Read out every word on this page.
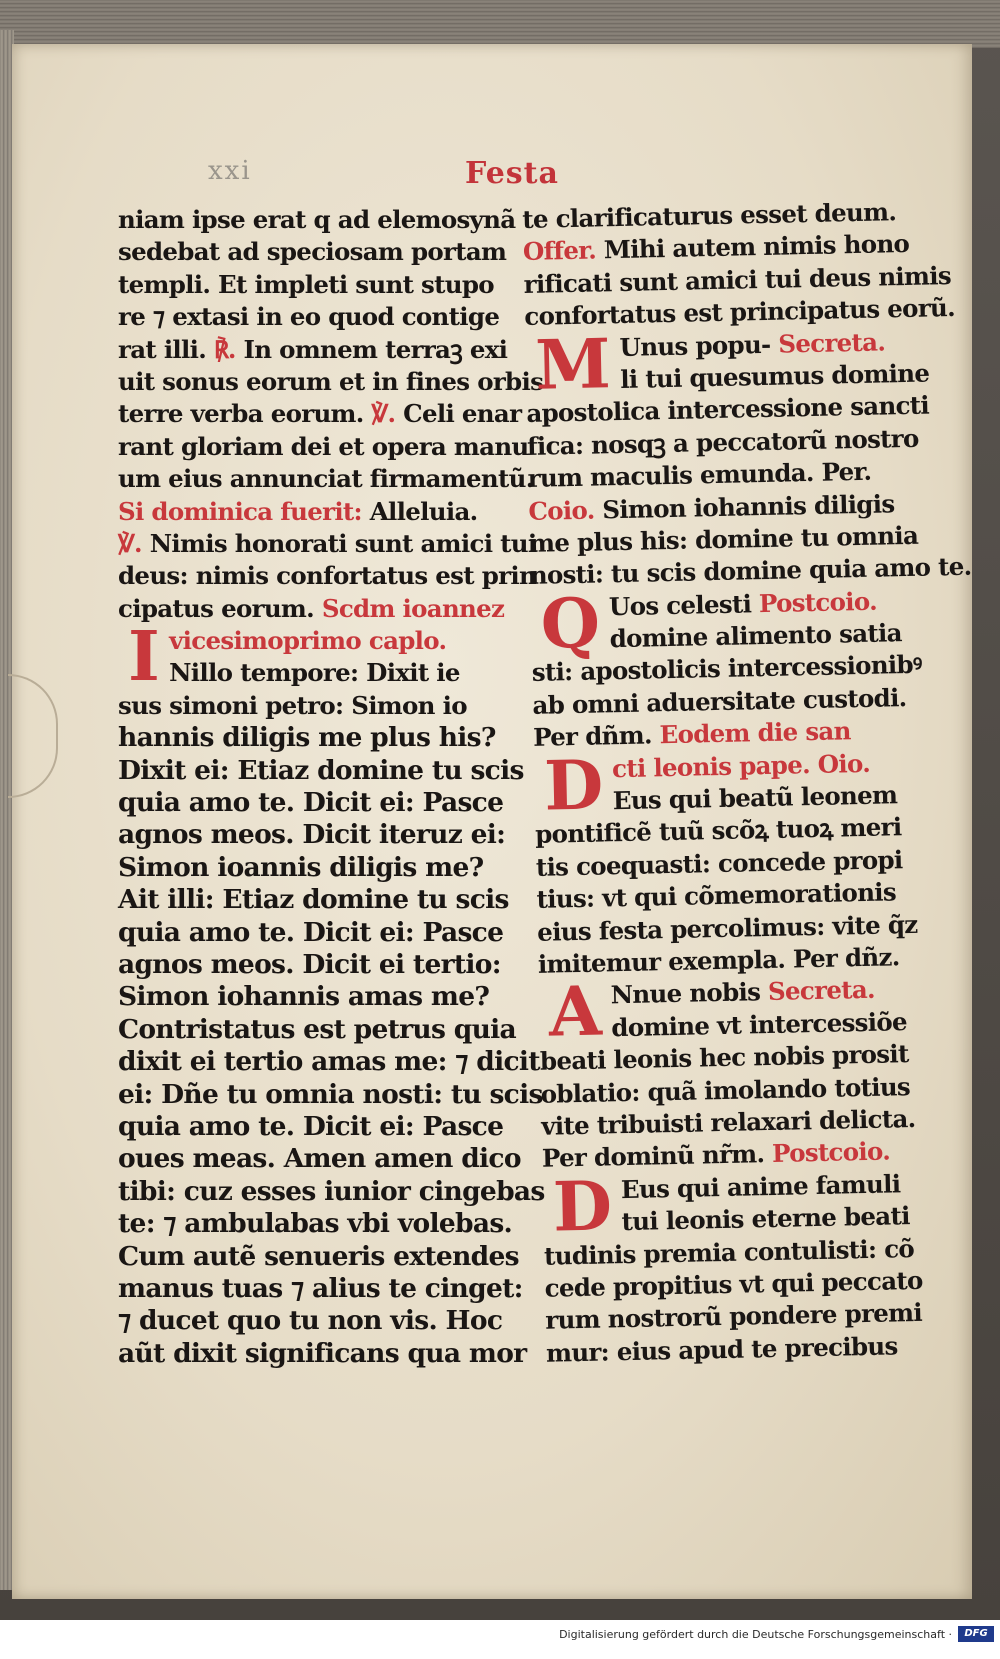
xxi	Festa
niam ipse erat q ad elemosynã
sedebat ad speciosam portam
templi. Et impleti sunt stupo
re ⁊ extasi in eo quod contige
rat illi. ℟. In omnem terraꝫ exi
uit sonus eorum et in fines orbis
terre verba eorum. ℣. Celi enar
rant gloriam dei et opera manu
um eius annunciat firmamentũ.
Si dominica fuerit: Alleluia.
℣. Nimis honorati sunt amici tui
deus: nimis confortatus est prin
cipatus eorum. Scdm ioannez
Ivicesimoprimo caplo.
Nillo tempore: Dixit ie
sus simoni petro: Simon io
hannis diligis me plus his?
Dixit ei: Etiaz domine tu scis
quia amo te. Dicit ei: Pasce
agnos meos. Dicit iteruz ei:
Simon ioannis diligis me?
Ait illi: Etiaz domine tu scis
quia amo te. Dicit ei: Pasce
agnos meos. Dicit ei tertio:
Simon iohannis amas me?
Contristatus est petrus quia
dixit ei tertio amas me: ⁊ dicit
ei: Dñe tu omnia nosti: tu scis
quia amo te. Dicit ei: Pasce
oues meas. Amen amen dico
tibi: cuz esses iunior cingebas
te: ⁊ ambulabas vbi volebas.
Cum autẽ senueris extendes
manus tuas ⁊ alius te cinget:
⁊ ducet quo tu non vis. Hoc
aũt dixit significans qua mor
te clarificaturus esset deum.
Offer. Mihi autem nimis hono
rificati sunt amici tui deus nimis
confortatus est principatus eorũ.
M Unus popu- Secreta.
li tui quesumus domine
apostolica intercessione sancti
fica: nosqꝫ a peccatorũ nostro
rum maculis emunda. Per.
Coio. Simon iohannis diligis
me plus his: domine tu omnia
nosti: tu scis domine quia amo te.
Q Uos celesti Postcoio.
domine alimento satia
sti: apostolicis intercessionibꝰ
ab omni aduersitate custodi.
Per dñm. Eodem die san
Dcti leonis pape. Oio.
Eus qui beatũ leonem
pontificẽ tuũ scõꝝ tuoꝝ meri
tis coequasti: concede propi
tius: vt qui cõmemorationis
eius festa percolimus: vite q̃z
imitemur exempla. Per dñz.
A Nnue nobis Secreta.
domine vt intercessiõe
beati leonis hec nobis prosit
oblatio: quã imolando totius
vite tribuisti relaxari delicta.
Per dominũ nr̃m. Postcoio.
D Eus qui anime famuli
tui leonis eterne beati
tudinis premia contulisti: cõ
cede propitius vt qui peccato
rum nostrorũ pondere premi
mur: eius apud te precibus
Digitalisierung gefördert durch die Deutsche Forschungsgemeinschaft ·	DFG
